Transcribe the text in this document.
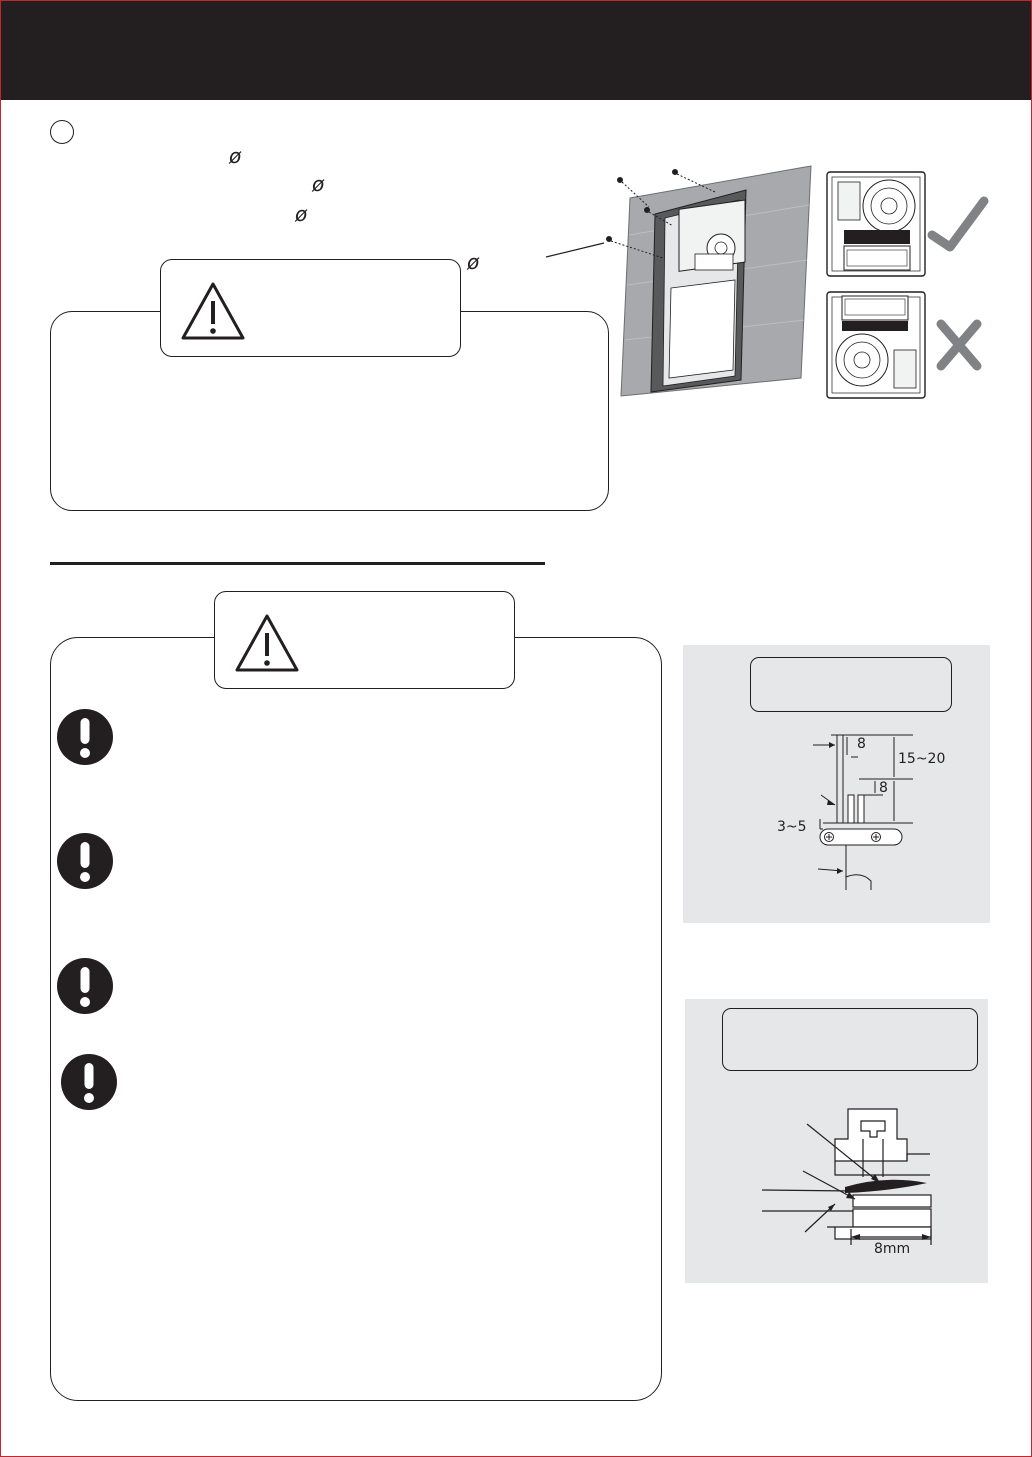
ø
ø
ø
ø
8
15~20
8
3~5
8mm
